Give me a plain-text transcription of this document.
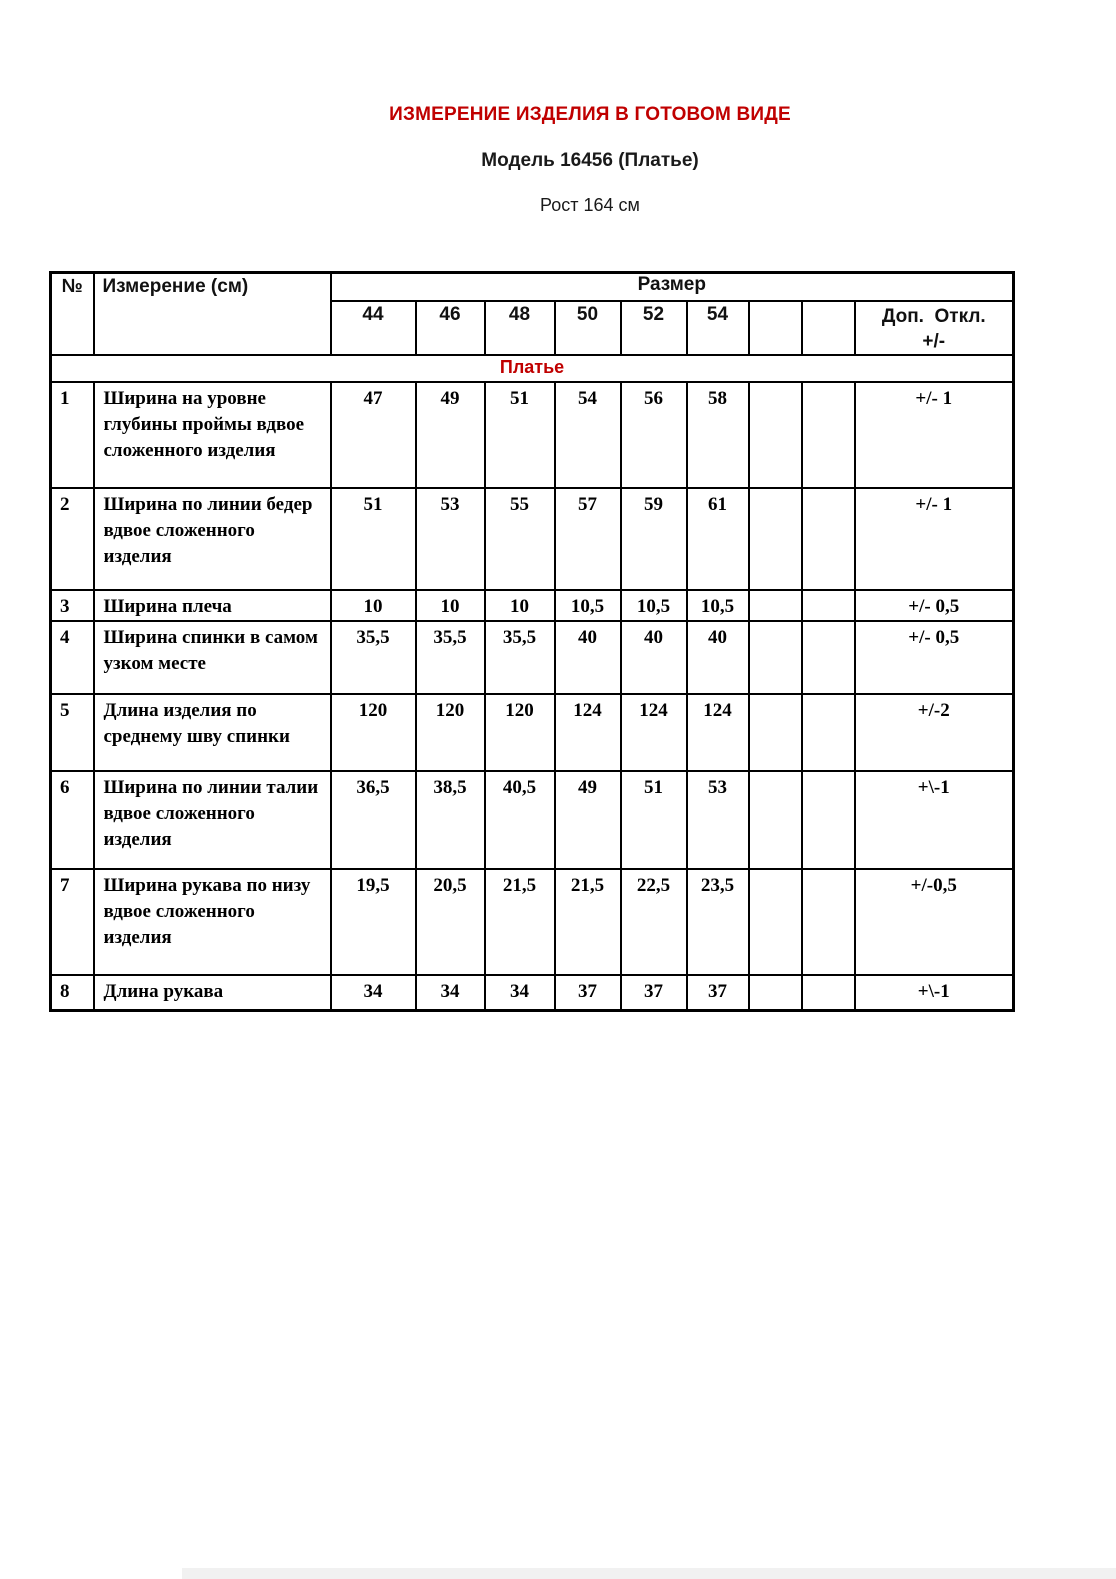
ИЗМЕРЕНИЕ ИЗДЕЛИЯ В ГОТОВОМ ВИДЕ
Модель 16456 (Платье)
Рост 164 см
№	Измерение (см)	Размер								
		44	46	48	50	52	54			Доп.  Откл.
+/-

Платье										
1	Ширина на уровне глубины проймы вдвое сложенного изделия	47	49	51	54	56	58			+/- 1
2	Ширина по линии бедер вдвое сложенного изделия	51	53	55	57	59	61			+/- 1
3	Ширина плеча	10	10	10	10,5	10,5	10,5			+/- 0,5
4	Ширина спинки в самом узком месте	35,5	35,5	35,5	40	40	40			+/- 0,5
5	Длина изделия по среднему шву спинки	120	120	120	124	124	124			+/-2
6	Ширина по линии талии вдвое сложенного изделия	36,5	38,5	40,5	49	51	53			+\-1
7	Ширина рукава по низу вдвое сложенного изделия	19,5	20,5	21,5	21,5	22,5	23,5			+/-0,5
8	Длина рукава	34	34	34	37	37	37			+\-1
